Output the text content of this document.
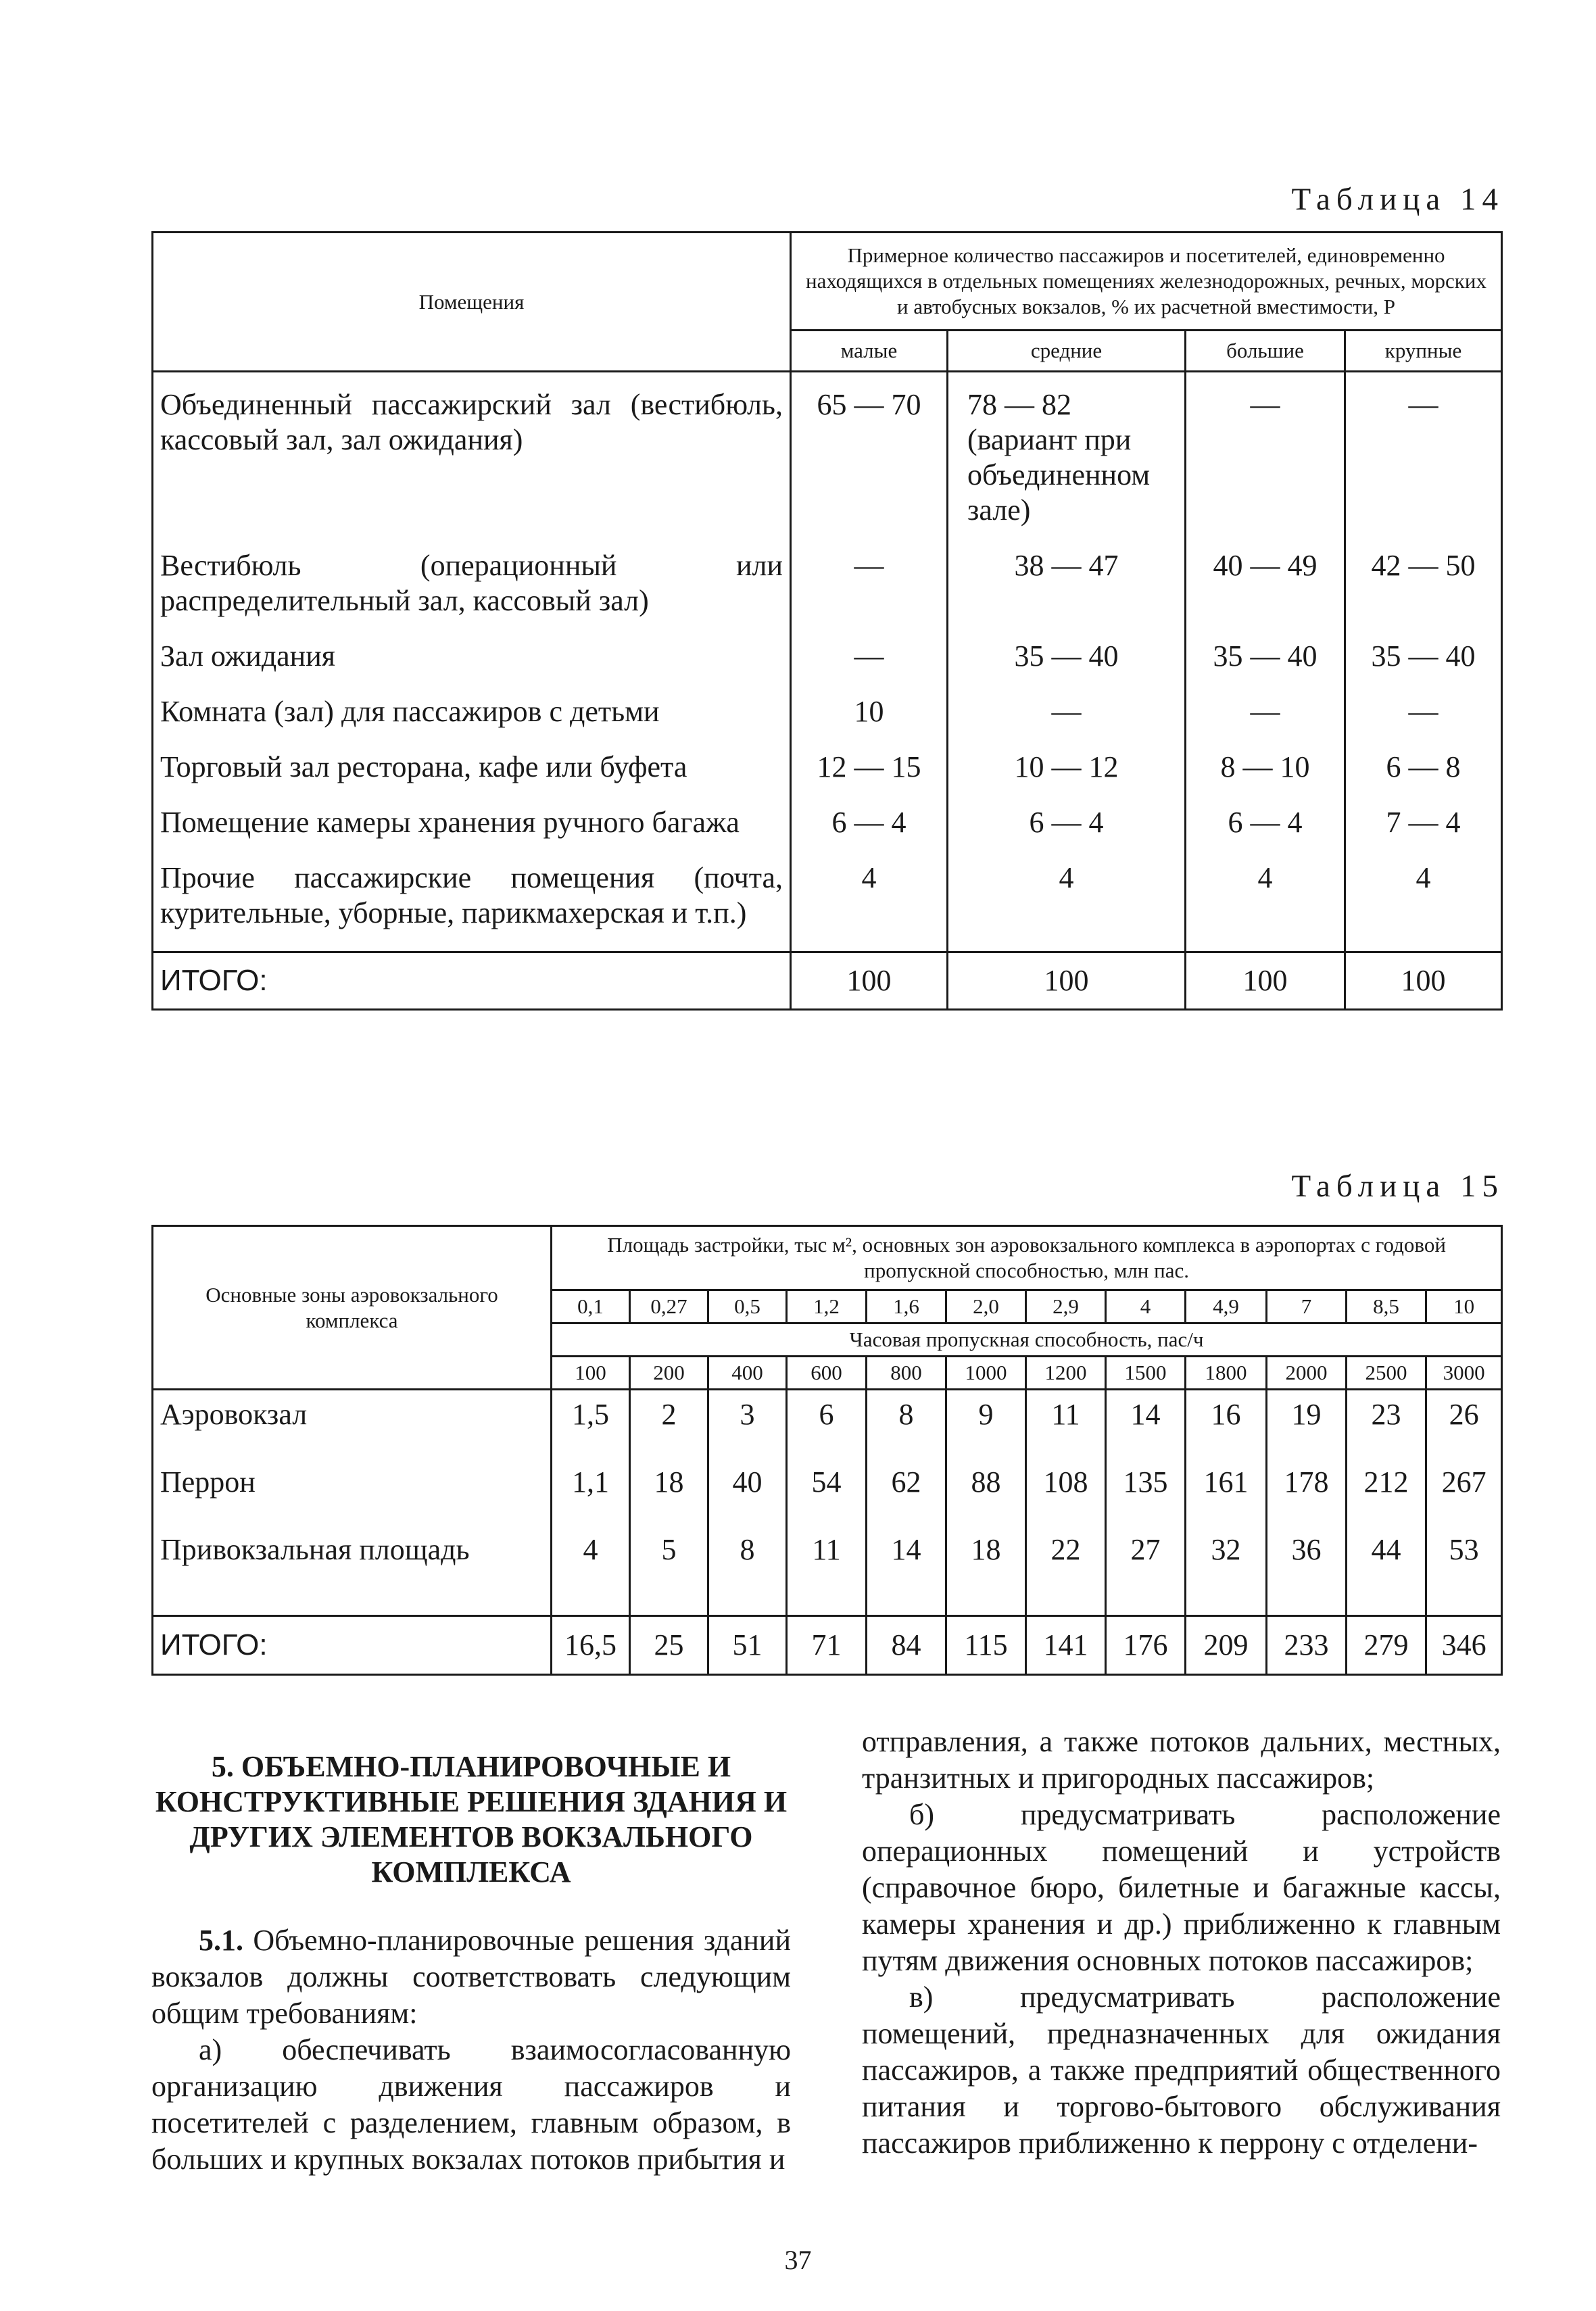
Таблица 14
Помещения	Примерное количество пассажиров и посетителей, единовременно находящихся в отдельных помещениях железнодорожных, речных, морских и автобусных вокзалов, % их расчетной вместимости, P			
	малые	средние	большие	крупные
Объединенный пассажирский зал (вестибюль, кассовый зал, зал ожидания)	65 — 70	78 — 82 (вариант при объединенном зале)	—	—
Вестибюль (операционный или распределительный зал, кассовый зал)	—	38 — 47	40 — 49	42 — 50
Зал ожидания	—	35 — 40	35 — 40	35 — 40
Комната (зал) для пассажиров с детьми	10	—	—	—
Торговый зал ресторана, кафе или буфета	12 — 15	10 — 12	8 — 10	6 — 8
Помещение камеры хранения ручного багажа	6 — 4	6 — 4	6 — 4	7 — 4
Прочие пассажирские помещения (почта, курительные, уборные, парикмахерская и т.п.)	4	4	4	4
ИТОГО:	100	100	100	100
Таблица 15
Основные зоны аэровокзального комплекса	Площадь застройки, тыс м², основных зон аэровокзального комплекса в аэропортах с годовой пропускной способностью, млн пас.											
	0,1	0,27	0,5	1,2	1,6	2,0	2,9	4	4,9	7	8,5	10
	Часовая пропускная способность, пас/ч											
	100	200	400	600	800	1000	1200	1500	1800	2000	2500	3000
Аэровокзал	1,5	2	3	6	8	9	11	14	16	19	23	26
Перрон	1,1	18	40	54	62	88	108	135	161	178	212	267
Привокзальная площадь	4	5	8	11	14	18	22	27	32	36	44	53
ИТОГО:	16,5	25	51	71	84	115	141	176	209	233	279	346
5. ОБЪЕМНО-ПЛАНИРОВОЧНЫЕ И КОНСТРУКТИВНЫЕ РЕШЕНИЯ ЗДАНИЯ И ДРУГИХ ЭЛЕМЕНТОВ ВОКЗАЛЬНОГО КОМПЛЕКСА

5.1. Объемно-планировочные решения зданий вокзалов должны соответствовать следующим общим требованиям:

а) обеспечивать взаимосогласованную организацию движения пассажиров и посетителей с разделением, главным образом, в больших и крупных вокзалах потоков прибытия и

отправления, а также потоков дальних, местных, транзитных и пригородных пассажиров;

б) предусматривать расположение операционных помещений и устройств (справочное бюро, билетные и багажные кассы, камеры хранения и др.) приближенно к главным путям движения основных потоков пассажиров;

в) предусматривать расположение помещений, предназначенных для ожидания пассажиров, а также предприятий общественного питания и торгово-бытового обслуживания пассажиров приближенно к перрону с отделени-

37
